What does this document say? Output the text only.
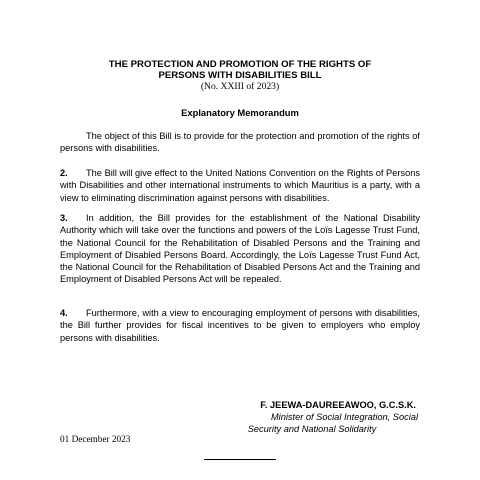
THE PROTECTION AND PROMOTION OF THE RIGHTS OF
PERSONS WITH DISABILITIES BILL
(No. XXIII of 2023)
Explanatory Memorandum
The object of this Bill is to provide for the protection and promotion of the rights of persons with disabilities.
2. The Bill will give effect to the United Nations Convention on the Rights of Persons with Disabilities and other international instruments to which Mauritius is a party, with a view to eliminating discrimination against persons with disabilities.
3. In addition, the Bill provides for the establishment of the National Disability Authority which will take over the functions and powers of the Loïs Lagesse Trust Fund, the National Council for the Rehabilitation of Disabled Persons and the Training and Employment of Disabled Persons Board. Accordingly, the Loïs Lagesse Trust Fund Act, the National Council for the Rehabilitation of Disabled Persons Act and the Training and Employment of Disabled Persons Act will be repealed.
4. Furthermore, with a view to encouraging employment of persons with disabilities, the Bill further provides for fiscal incentives to be given to employers who employ persons with disabilities.
F. JEEWA-DAUREEAWOO, G.C.S.K.
Minister of Social Integration, Social
Security and National Solidarity
01 December 2023
